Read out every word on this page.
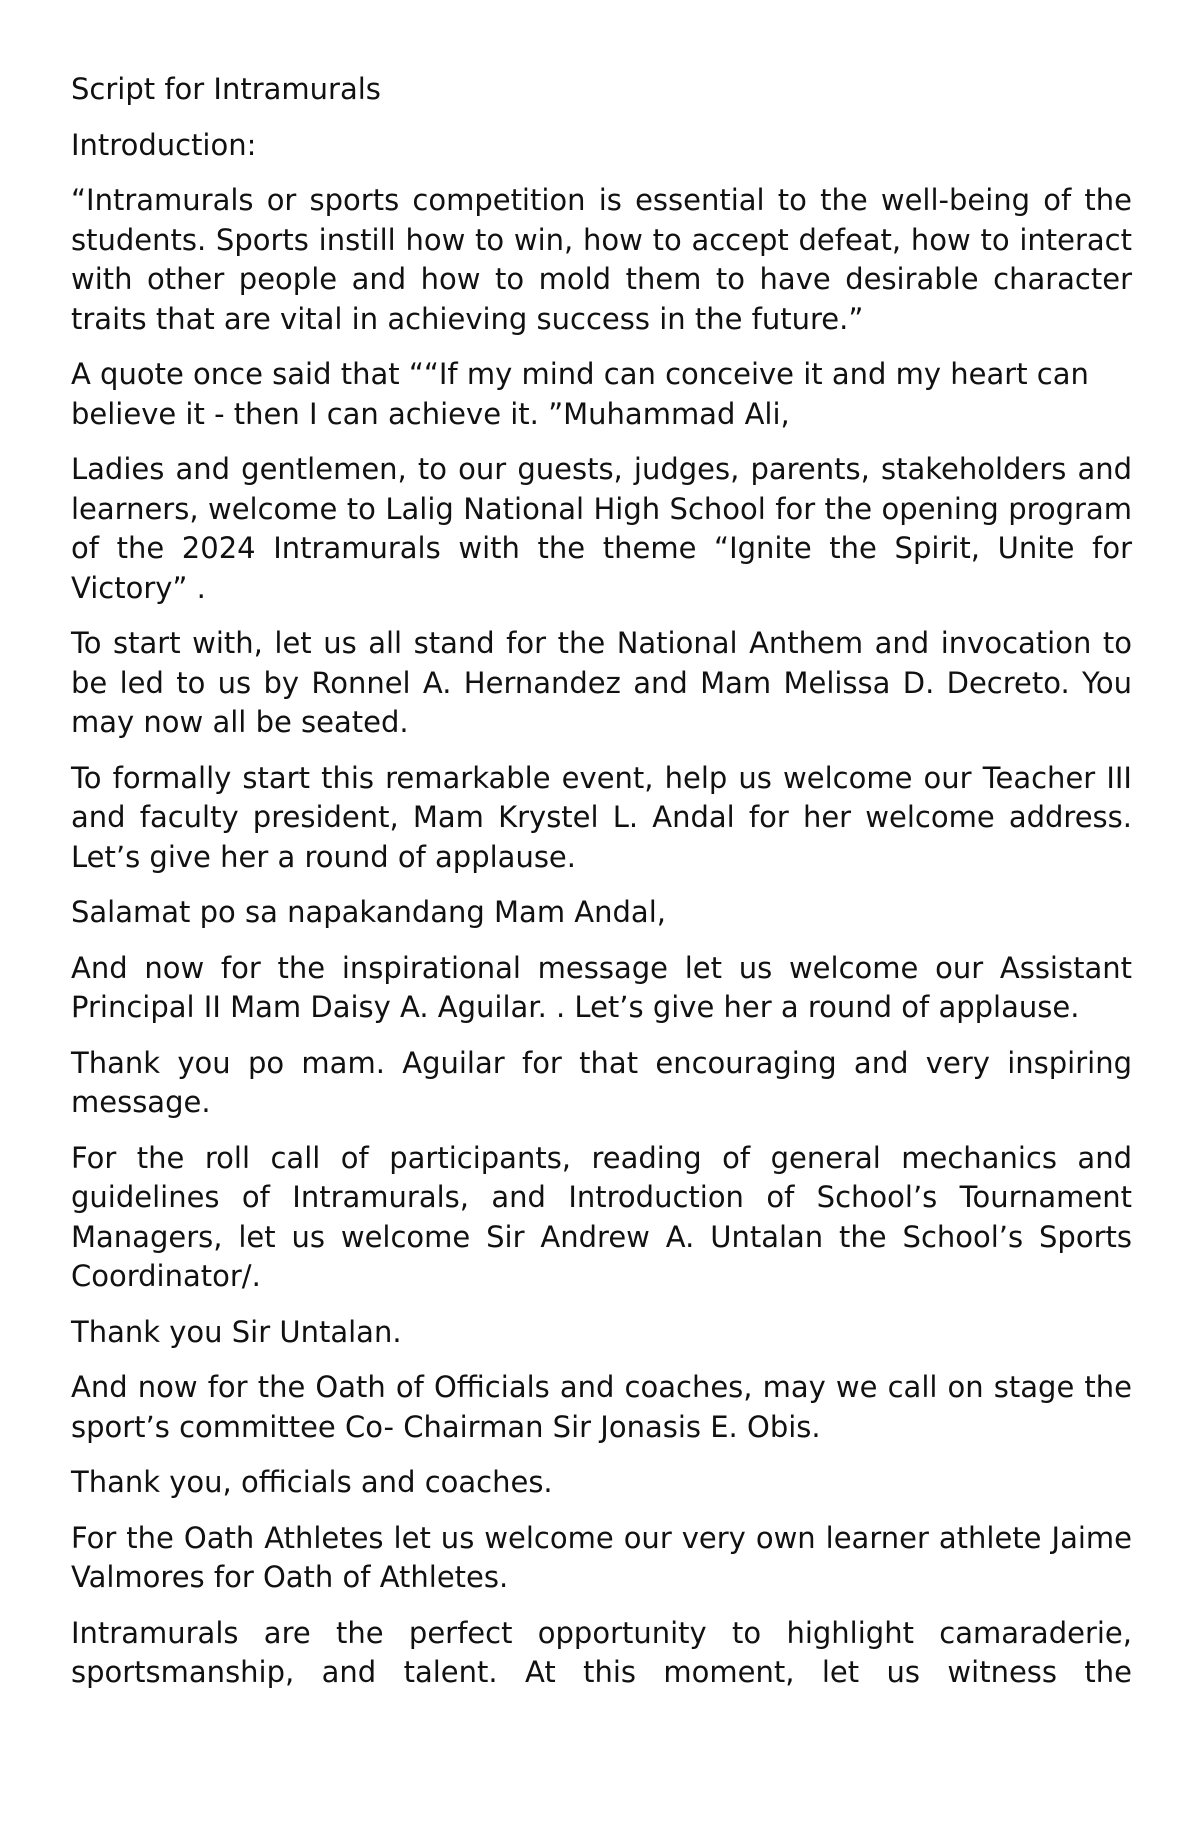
Script for Intramurals

Introduction:

“Intramurals or sports competition is essential to the well-being of the students. Sports instill how to win, how to accept defeat, how to interact with other people and how to mold them to have desirable character traits that are vital in achieving success in the future.”

A quote once said that ““If my mind can conceive it and my heart can believe it - then I can achieve it. ”Muhammad Ali,

Ladies and gentlemen, to our guests, judges, parents, stakeholders and learners, welcome to Lalig National High School for the opening program of the 2024 Intramurals with the theme “Ignite the Spirit, Unite for Victory” .

To start with, let us all stand for the National Anthem and invocation to be led to us by Ronnel A. Hernandez and Mam Melissa D. Decreto. You may now all be seated.

To formally start this remarkable event, help us welcome our Teacher III and faculty president, Mam Krystel L. Andal for her welcome address. Let’s give her a round of applause.

Salamat po sa napakandang Mam Andal,

And now for the inspirational message let us welcome our Assistant Principal II Mam Daisy A. Aguilar. . Let’s give her a round of applause.

Thank you po mam. Aguilar for that encouraging and very inspiring message.

For the roll call of participants, reading of general mechanics and guidelines of Intramurals, and Introduction of School’s Tournament Managers, let us welcome Sir Andrew A. Untalan the School’s Sports Coordinator/.

Thank you Sir Untalan.

And now for the Oath of Officials and coaches, may we call on stage the sport’s committee Co- Chairman Sir Jonasis E. Obis.

Thank you, officials and coaches.

For the Oath Athletes let us welcome our very own learner athlete Jaime Valmores for Oath of Athletes.

Intramurals are the perfect opportunity to highlight camaraderie, sportsmanship, and talent. At this moment, let us witness the
